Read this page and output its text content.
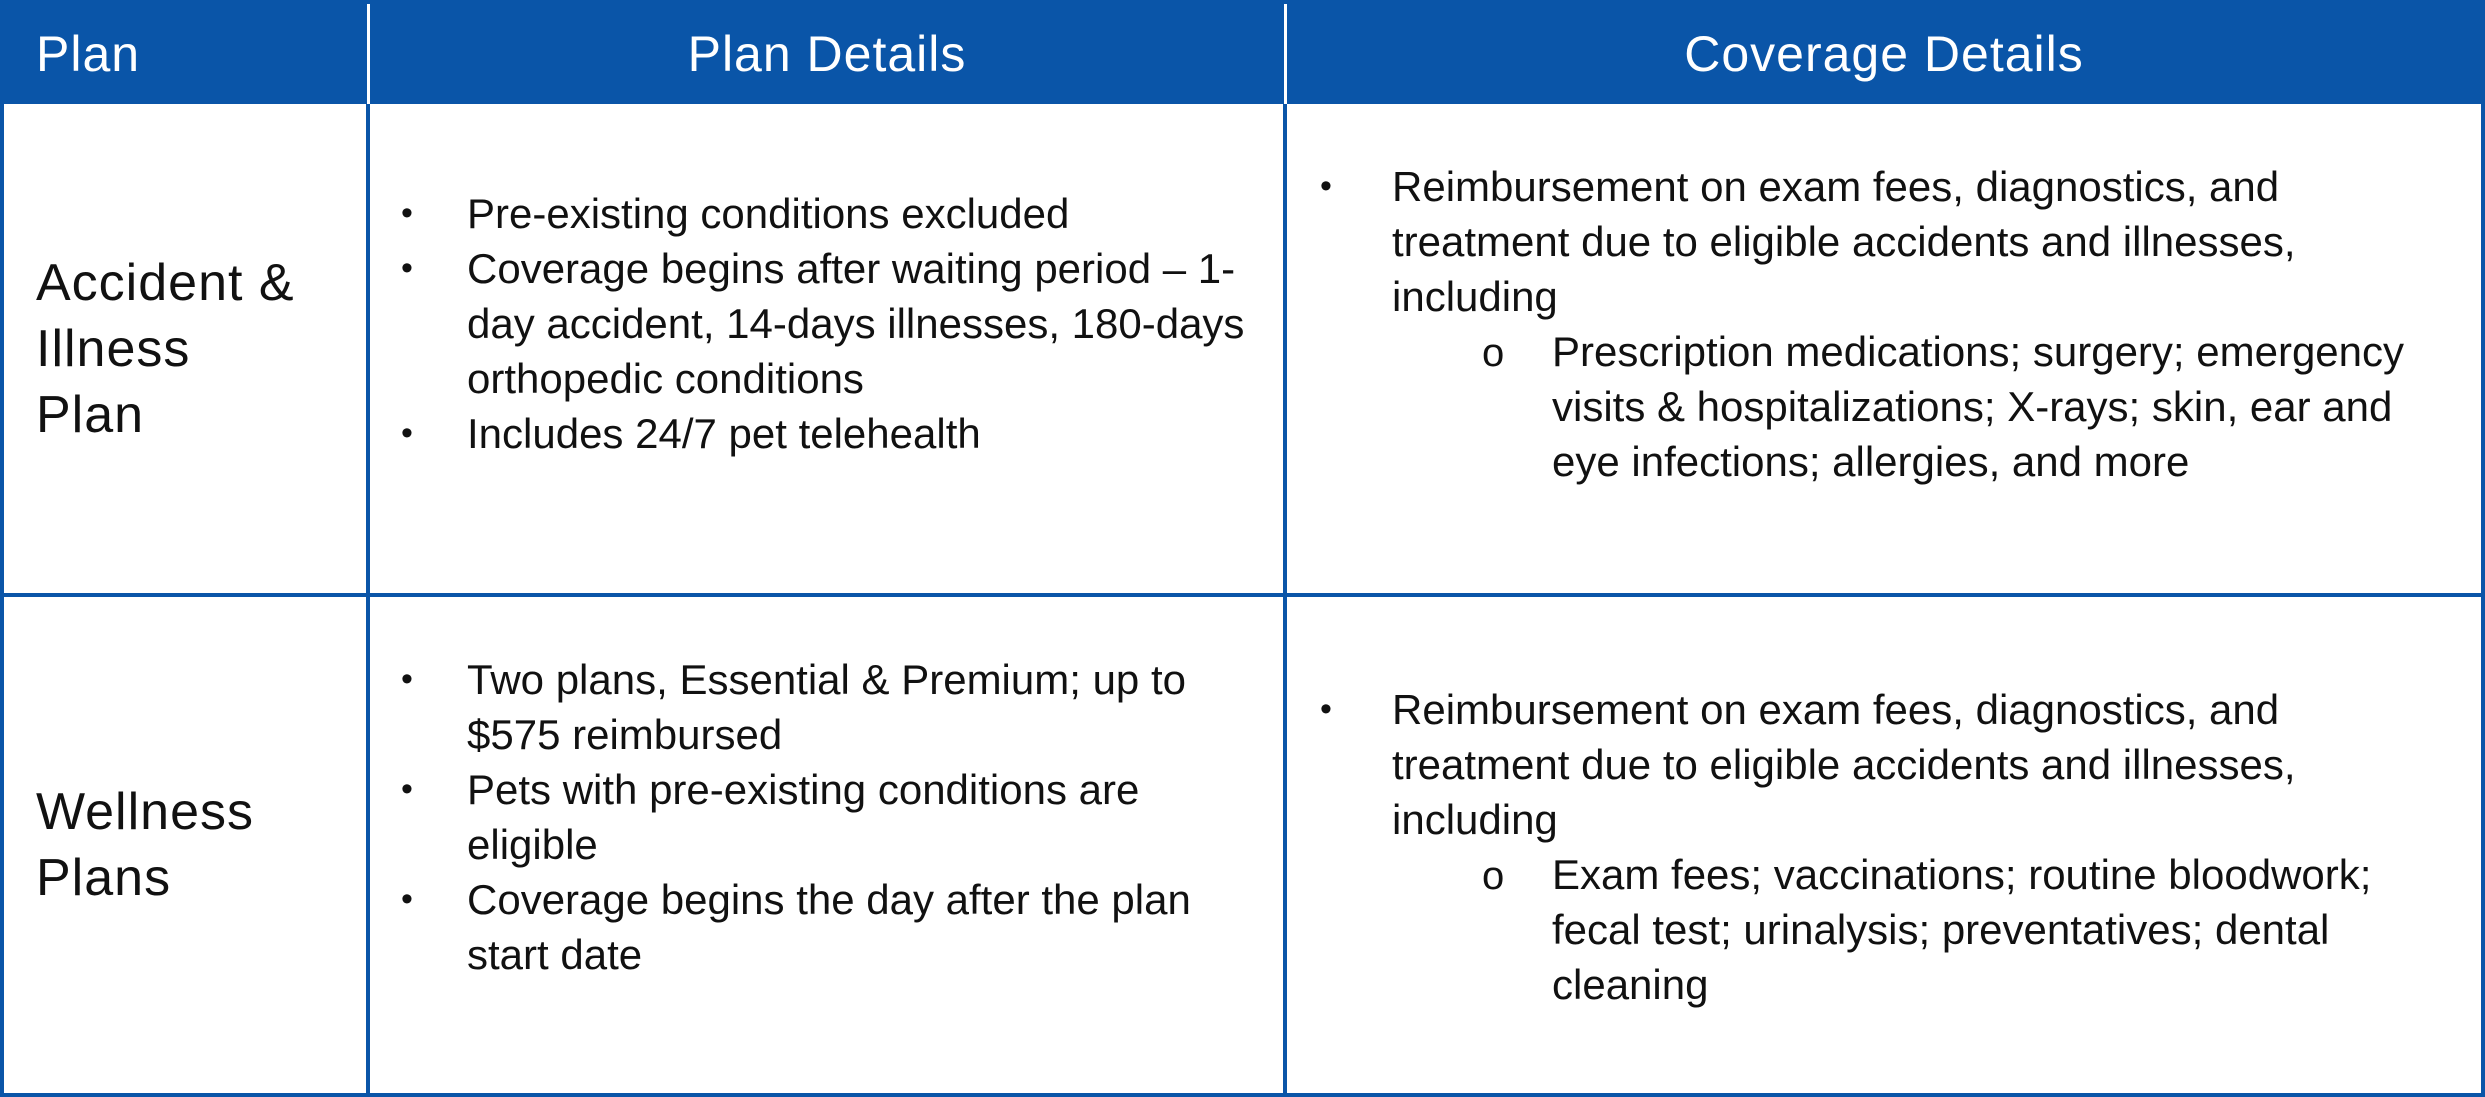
Plan	Plan Details	Coverage Details
Accident &
Illness
Plan
• Pre-existing conditions excluded
• Coverage begins after waiting period – 1-day accident, 14-days illnesses, 180-days orthopedic conditions
• Includes 24/7 pet telehealth
• Reimbursement on exam fees, diagnostics, and treatment due to eligible accidents and illnesses, including
o Prescription medications; surgery; emergency visits & hospitalizations; X-rays; skin, ear and eye infections; allergies, and more
Wellness
Plans
• Two plans, Essential & Premium; up to $575 reimbursed
• Pets with pre-existing conditions are eligible
• Coverage begins the day after the plan start date
• Reimbursement on exam fees, diagnostics, and treatment due to eligible accidents and illnesses, including
o Exam fees; vaccinations; routine bloodwork; fecal test; urinalysis; preventatives; dental cleaning
